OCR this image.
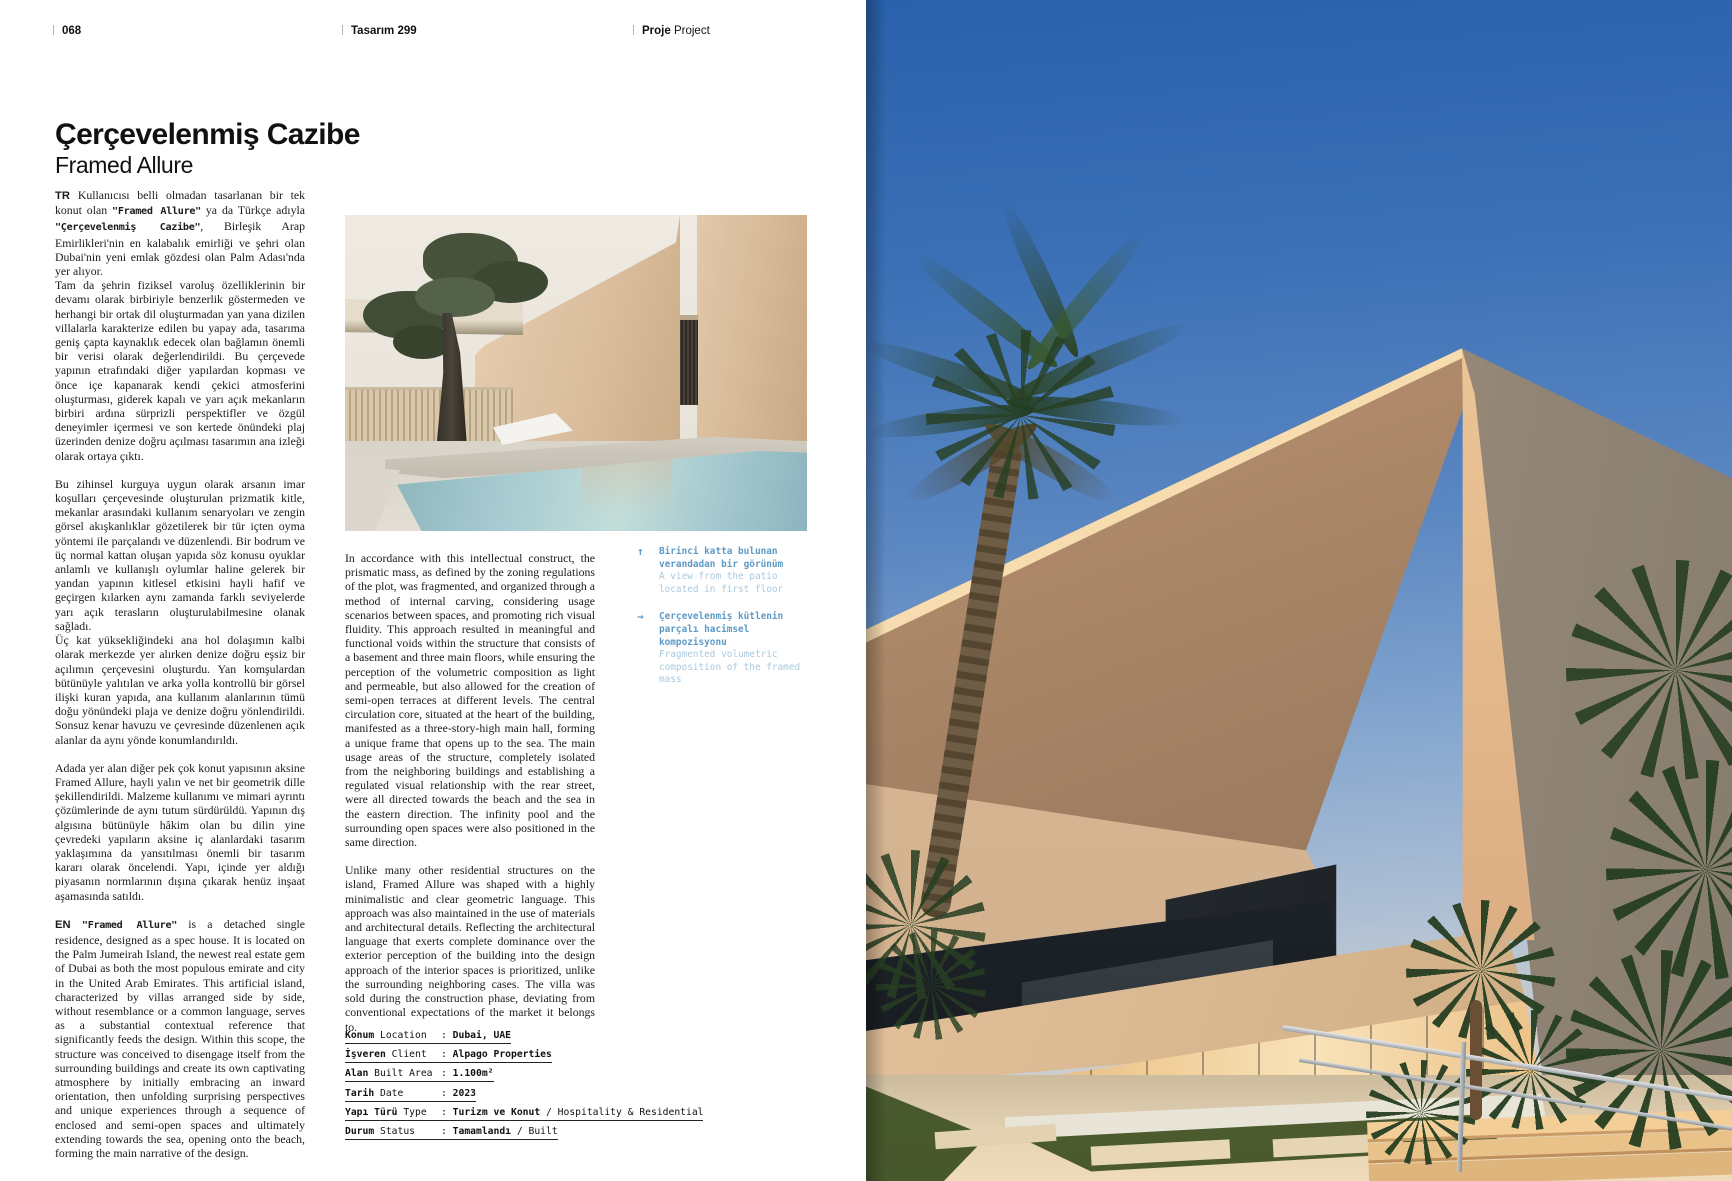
068	Tasarım 299	Proje Project
Çerçevelenmiş Cazibe
Framed Allure

TR Kullanıcısı belli olmadan tasarlanan bir tek konut olan "Framed Allure" ya da Türkçe adıyla "Çerçevelenmiş Cazibe", Birleşik Arap Emirlikleri'nin en kalabalık emirliği ve şehri olan Dubai'nin yeni emlak gözdesi olan Palm Adası'nda yer alıyor.

Tam da şehrin fiziksel varoluş özelliklerinin bir devamı olarak birbiriyle benzerlik göstermeden ve herhangi bir ortak dil oluşturmadan yan yana dizilen villalarla karakterize edilen bu yapay ada, tasarıma geniş çapta kaynaklık edecek olan bağlamın önemli bir verisi olarak değerlendirildi. Bu çerçevede yapının etrafındaki diğer yapılardan kopması ve önce içe kapanarak kendi çekici atmosferini oluşturması, giderek kapalı ve yarı açık mekanların birbiri ardına sürprizli perspektifler ve özgül deneyimler içermesi ve son kertede önündeki plaj üzerinden denize doğru açılması tasarımın ana izleği olarak ortaya çıktı.

Bu zihinsel kurguya uygun olarak arsanın imar koşulları çerçevesinde oluşturulan prizmatik kitle, mekanlar arasındaki kullanım senaryoları ve zengin görsel akışkanlıklar gözetilerek bir tür içten oyma yöntemi ile parçalandı ve düzenlendi. Bir bodrum ve üç normal kattan oluşan yapıda söz konusu oyuklar anlamlı ve kullanışlı oylumlar haline gelerek bir yandan yapının kitlesel etkisini hayli hafif ve geçirgen kılarken aynı zamanda farklı seviyelerde yarı açık terasların oluşturulabilmesine olanak sağladı.

Üç kat yüksekliğindeki ana hol dolaşımın kalbi olarak merkezde yer alırken denize doğru eşsiz bir açılımın çerçevesini oluşturdu. Yan komşulardan bütünüyle yalıtılan ve arka yolla kontrollü bir görsel ilişki kuran yapıda, ana kullanım alanlarının tümü doğu yönündeki plaja ve denize doğru yönlendirildi. Sonsuz kenar havuzu ve çevresinde düzenlenen açık alanlar da aynı yönde konumlandırıldı.

Adada yer alan diğer pek çok konut yapısının aksine Framed Allure, hayli yalın ve net bir geometrik dille şekillendirildi. Malzeme kullanımı ve mimari ayrıntı çözümlerinde de aynı tutum sürdürüldü. Yapının dış algısına bütünüyle hâkim olan bu dilin yine çevredeki yapıların aksine iç alanlardaki tasarım yaklaşımına da yansıtılması önemli bir tasarım kararı olarak öncelendi. Yapı, içinde yer aldığı piyasanın normlarının dışına çıkarak henüz inşaat aşamasında satıldı.

EN "Framed Allure" is a detached single residence, designed as a spec house. It is located on the Palm Jumeirah Island, the newest real estate gem of Dubai as both the most populous emirate and city in the United Arab Emirates. This artificial island, characterized by villas arranged side by side, without resemblance or a common language, serves as a substantial contextual reference that significantly feeds the design. Within this scope, the structure was conceived to disengage itself from the surrounding buildings and create its own captivating atmosphere by initially embracing an inward orientation, then unfolding surprising perspectives and unique experiences through a sequence of enclosed and semi-open spaces and ultimately extending towards the sea, opening onto the beach, forming the main narrative of the design.

In accordance with this intellectual construct, the prismatic mass, as defined by the zoning regulations of the plot, was fragmented, and organized through a method of internal carving, considering usage scenarios between spaces, and promoting rich visual fluidity. This approach resulted in meaningful and functional voids within the structure that consists of a basement and three main floors, while ensuring the perception of the volumetric composition as light and permeable, but also allowed for the creation of semi-open terraces at different levels. The central circulation core, situated at the heart of the building, manifested as a three-story-high main hall, forming a unique frame that opens up to the sea. The main usage areas of the structure, completely isolated from the neighboring buildings and establishing a regulated visual relationship with the rear street, were all directed towards the beach and the sea in the eastern direction. The infinity pool and the surrounding open spaces were also positioned in the same direction.

Unlike many other residential structures on the island, Framed Allure was shaped with a highly minimalistic and clear geometric language. This approach was also maintained in the use of materials and architectural details. Reflecting the architectural language that exerts complete dominance over the exterior perception of the building into the design approach of the interior spaces is prioritized, unlike the surrounding neighboring cases. The villa was sold during the construction phase, deviating from conventional expectations of the market it belongs to.

↑ Birinci katta bulunan verandadan bir görünüm
A view from the patio located in first floor
→ Çerçevelenmiş kütlenin parçalı hacimsel kompozisyonu
Fragmented volumetric composition of the framed mass
Konum Location : Dubai, UAE
İşveren Client : Alpago Properties
Alan Built Area : 1.100m²
Tarih Date	: 2023
Yapı Türü Type : Turizm ve Konut / Hospitality & Residential
Durum Status	: Tamamlandı / Built
